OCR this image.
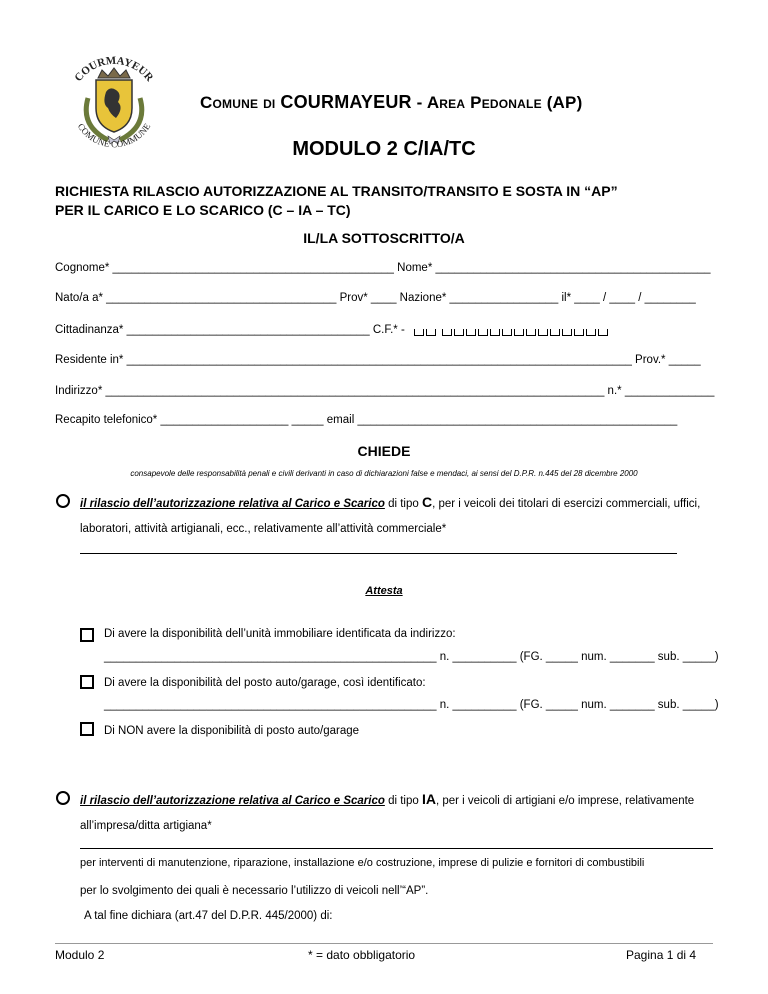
COURMAYEUR
COMUNE COMMUNE
Comune di COURMAYEUR - Area Pedonale (AP)
MODULO 2 C/IA/TC
RICHIESTA RILASCIO AUTORIZZAZIONE AL TRANSITO/TRANSITO E SOSTA IN “AP”
PER IL CARICO E LO SCARICO (C – IA – TC)
IL/LA SOTTOSCRITTO/A
Cognome* ____________________________________________ Nome* ___________________________________________
Nato/a a* ____________________________________ Prov* ____ Nazione* _________________ il* ____ / ____ / ________
Cittadinanza* ______________________________________ C.F.* -
Residente in* _______________________________________________________________________________ Prov.* _____
Indirizzo* ______________________________________________________________________________ n.* ______________
Recapito telefonico* ____________________ _____ email __________________________________________________
CHIEDE
consapevole delle responsabilità penali e civili derivanti in caso di dichiarazioni false e mendaci, ai sensi del D.P.R. n.445 del 28 dicembre 2000
il rilascio dell’autorizzazione relativa al Carico e Scarico di tipo C, per i veicoli dei titolari di esercizi commerciali, uffici,
laboratori, attività artigianali, ecc., relativamente all’attività commerciale*
Attesta
Di avere la disponibilità dell’unità immobiliare identificata da indirizzo:
____________________________________________________ n. __________ (FG. _____ num. _______ sub. _____)
Di avere la disponibilità del posto auto/garage, così identificato:
____________________________________________________ n. __________ (FG. _____ num. _______ sub. _____)
Di NON avere la disponibilità di posto auto/garage
il rilascio dell’autorizzazione relativa al Carico e Scarico di tipo IA, per i veicoli di artigiani e/o imprese, relativamente
all’impresa/ditta artigiana*
per interventi di manutenzione, riparazione, installazione e/o costruzione, imprese di pulizie e fornitori di combustibili
per lo svolgimento dei quali è necessario l’utilizzo di veicoli nell’“AP”.
A tal fine dichiara (art.47 del D.P.R. 445/2000) di:
Modulo 2	* = dato obbligatorio	Pagina 1 di 4
